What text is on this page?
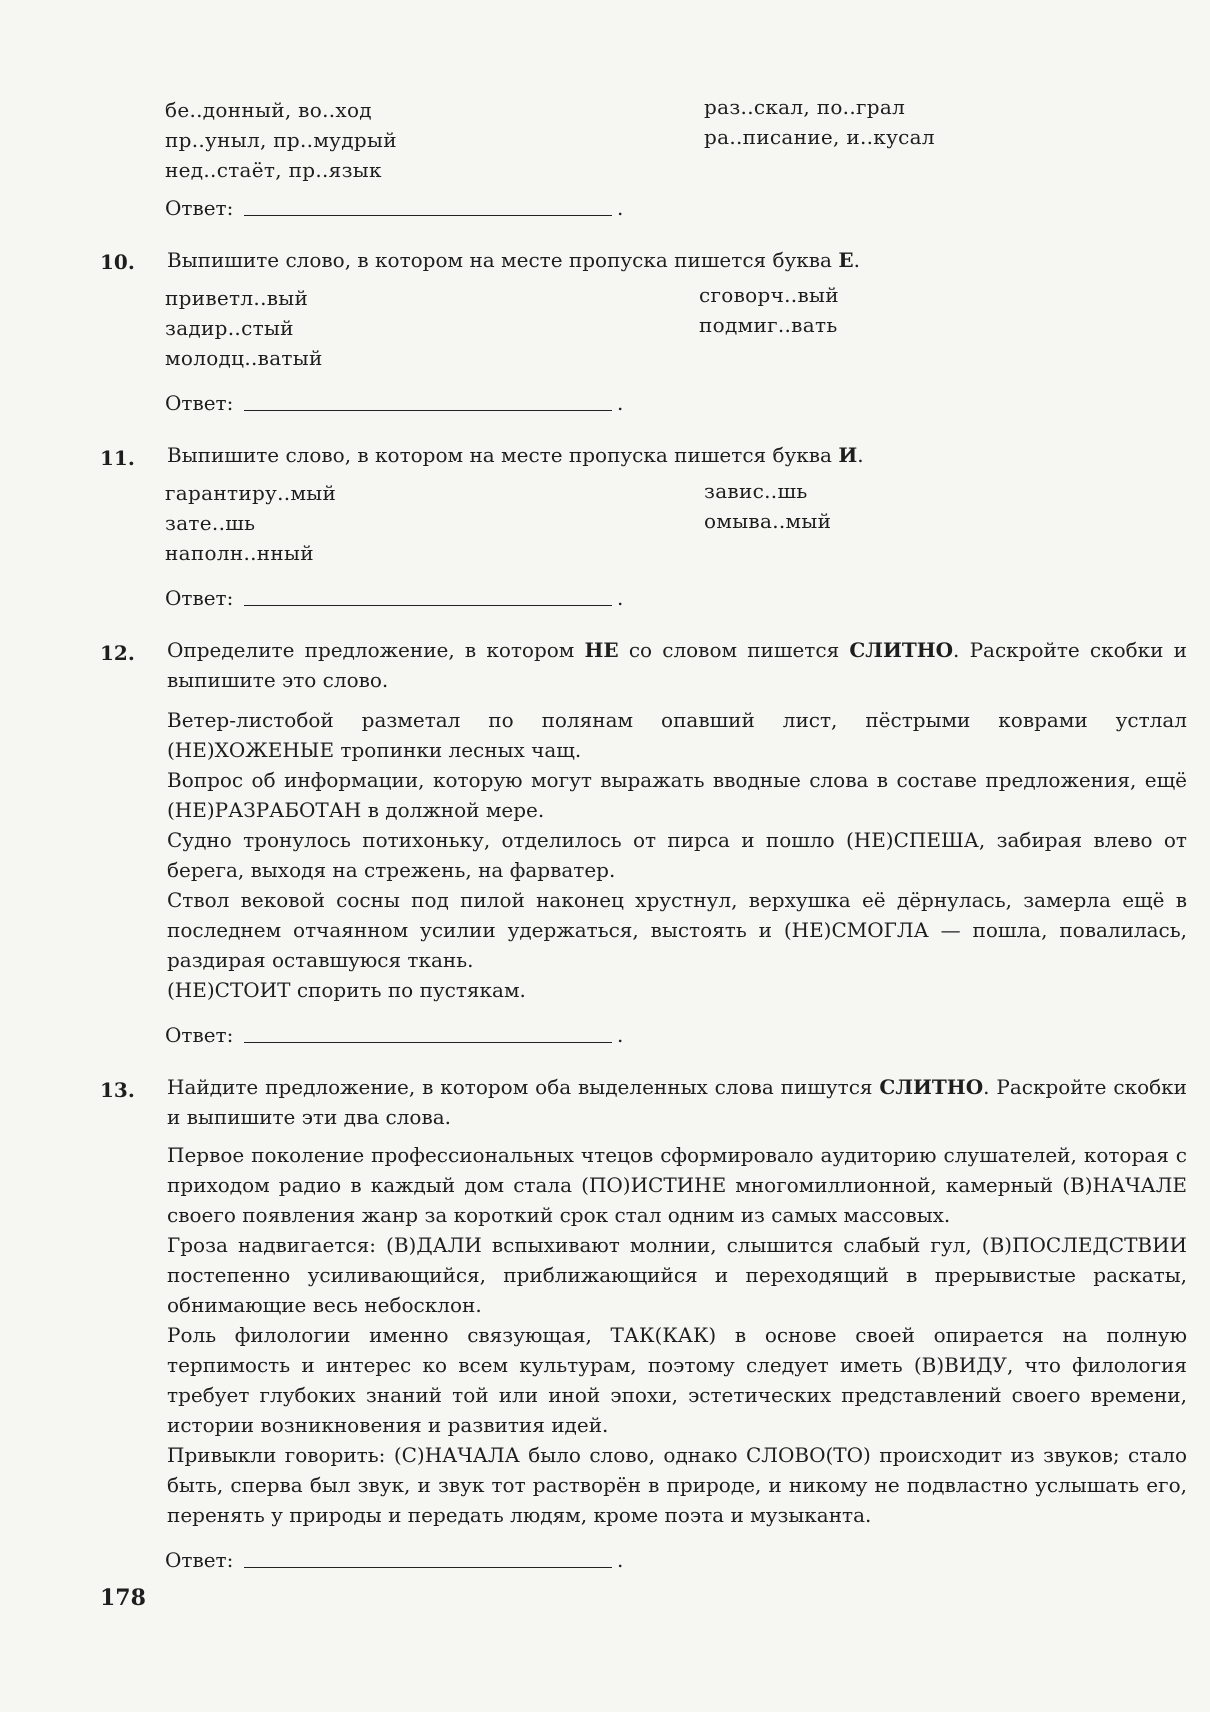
бе..донный, во..ход
пр..уныл, пр..мудрый
нед..стаёт, пр..язык
раз..скал, по..грал
ра..писание, и..кусал
Ответ:	.
10. Выпишите слово, в котором на месте пропуска пишется буква Е.
приветл..вый
задир..стый
молодц..ватый
сговорч..вый
подмиг..вать
Ответ:	.
11. Выпишите слово, в котором на месте пропуска пишется буква И.
гарантиру..мый
зате..шь
наполн..нный
завис..шь
омыва..мый
Ответ:	.
12. Определите предложение, в котором НЕ со словом пишется СЛИТНО. Раскройте скобки и выпишите это слово.

Ветер-листобой разметал по полянам опавший лист, пёстрыми коврами устлал (НЕ)ХОЖЕНЫЕ тропинки лесных чащ.

Вопрос об информации, которую могут выражать вводные слова в составе предложения, ещё (НЕ)РАЗРАБОТАН в должной мере.

Судно тронулось потихоньку, отделилось от пирса и пошло (НЕ)СПЕША, забирая влево от берега, выходя на стрежень, на фарватер.

Ствол вековой сосны под пилой наконец хрустнул, верхушка её дёрнулась, замерла ещё в последнем отчаянном усилии удержаться, выстоять и (НЕ)СМОГЛА — пошла, повалилась, раздирая оставшуюся ткань.

(НЕ)СТОИТ спорить по пустякам.

Ответ:	.
13. Найдите предложение, в котором оба выделенных слова пишутся СЛИТНО. Раскройте скобки и выпишите эти два слова.

Первое поколение профессиональных чтецов сформировало аудиторию слушателей, которая с приходом радио в каждый дом стала (ПО)ИСТИНЕ многомиллионной, камерный (В)НАЧАЛЕ своего появления жанр за короткий срок стал одним из самых массовых.

Гроза надвигается: (В)ДАЛИ вспыхивают молнии, слышится слабый гул, (В)ПОСЛЕДСТВИИ постепенно усиливающийся, приближающийся и переходящий в прерывистые раскаты, обнимающие весь небосклон.

Роль филологии именно связующая, ТАК(КАК) в основе своей опирается на полную терпимость и интерес ко всем культурам, поэтому следует иметь (В)ВИДУ, что филология требует глубоких знаний той или иной эпохи, эстетических представлений своего времени, истории возникновения и развития идей.

Привыкли говорить: (С)НАЧАЛА было слово, однако СЛОВО(ТО) происходит из звуков; стало быть, сперва был звук, и звук тот растворён в природе, и никому не подвластно услышать его, перенять у природы и передать людям, кроме поэта и музыканта.

Ответ:	.
178
